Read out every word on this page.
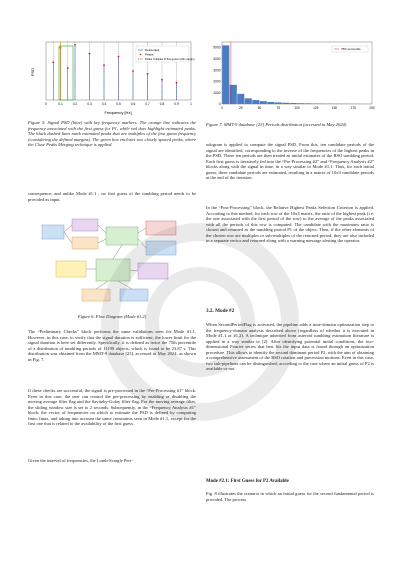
PSD
0	0.1	0.2	0.3	0.4	0.5	0.6	0.7	0.8	0.9	1
Frequency [Hz]
Detrended
Peaks
Peaks multiples of first-guess (with margin)

Figure 5. Signal PSD (blue) with key frequency markers. The orange line indicates the frequency associated with the first guess for P1, while red dots highlight estimated peaks. The black dashed lines mark estimated peaks that are multiples of the first guess frequency (considering the defined margins). The green box encloses two closely spaced peaks, where the Close Peaks Merging technique is applied.

consequence, and unlike Mode #1.1 , no first guess of the tumbling period needs to be provided as input.

Figure 6. Flow Diagram (Mode #1.2)

The “Preliminary Checks” block performs the same validations seen for Mode #1.1. However, in this case, to verify that the signal duration is sufficient, the lower limit for the signal duration is here set differently. Specifically, it is defined as twice the 75th percentile of a distribution of tumbling periods of 11190 objects, which is found to be 23.87 s. This distribution was obtained from the MMT-9 database [23], accessed in May 2024, as shown in Fig. 7.

If these checks are successful, the signal is pre-processed in the “Pre-Processing #1” block. Even in this case, the user can control the pre-processing by enabling or disabling the moving average filter flag and the Savitzky-Golay filter flag. For the moving average filter, the sliding window size is set to 2 seconds. Subsequently, in the “Frequency Analysis #1” block, the vector of frequencies on which to estimate the PSD is defined by computing fmin, fmax, and taking into account the same constraints seen in Mode #1.1, except for the first one that is related to the availability of the first guess.

Given the interval of frequencies, the Lomb-Scargle Peri-

0	25	50	75	100	125	150	175	200
0
1000
2000
3000
4000
5000	75th percentile

Figure 7. MMT-9 database [23] Periods distribution (accessed in May 2024)

odogram is applied to compute the signal PSD. From this, ten candidate periods of the signal are identified, corresponding to the inverse of the frequencies of the highest peaks in the PSD. These ten periods are then treated as initial estimates of the RSO tumbling period. Each first guess is iteratively fed into the “Pre-Processing #2” and “Frequency Analysis #2” blocks along with the signal in time, in a way similar to Mode #1.1. Thus, for each initial guess, three candidate periods are estimated, resulting in a matrix of 10x3 candidate periods at the end of the iteration.

In the “Post-Processing” block, the Relative Highest Peaks Selection Criterion is applied. According to this method, for each row of the 10x3 matrix, the ratio of the highest peak (i.e. the one associated with the first period of the row) to the average of the peaks associated with all the periods of this row is computed. The candidate with the maximum ratio is chosen and returned as the tumbling period P1 of the object. Then, if the other elements of the chosen row are multiples or sub-multiples of the returned period, they are also included in a separate vector and returned along with a warning message alerting the operator.

3.2. Mode #2

When SecondPeriodFlag is activated, the pipeline adds a time-domain optimization step to the frequency-domain analysis described above (regardless of whether it is executed in Mode #1.1 or #1.2). A technique inherited from asteroid tumbling estimation literature is applied in a way similar to [2]. After identifying potential initial conditions, the two-dimensional Fourier series that best fits the input data is found through an optimization procedure. This allows to identify the second dominant period P2, with the aim of obtaining a comprehensive assessment of the RSO rotation and precession motions. Even in this case, two sub-pipelines can be distinguished, according to the case where an initial guess of P2 is available or not.

Mode #2.1: First Guess for P2 Available

Fig. 8 illustrates the scenario in which an initial guess for the second fundamental period is provided. The process
